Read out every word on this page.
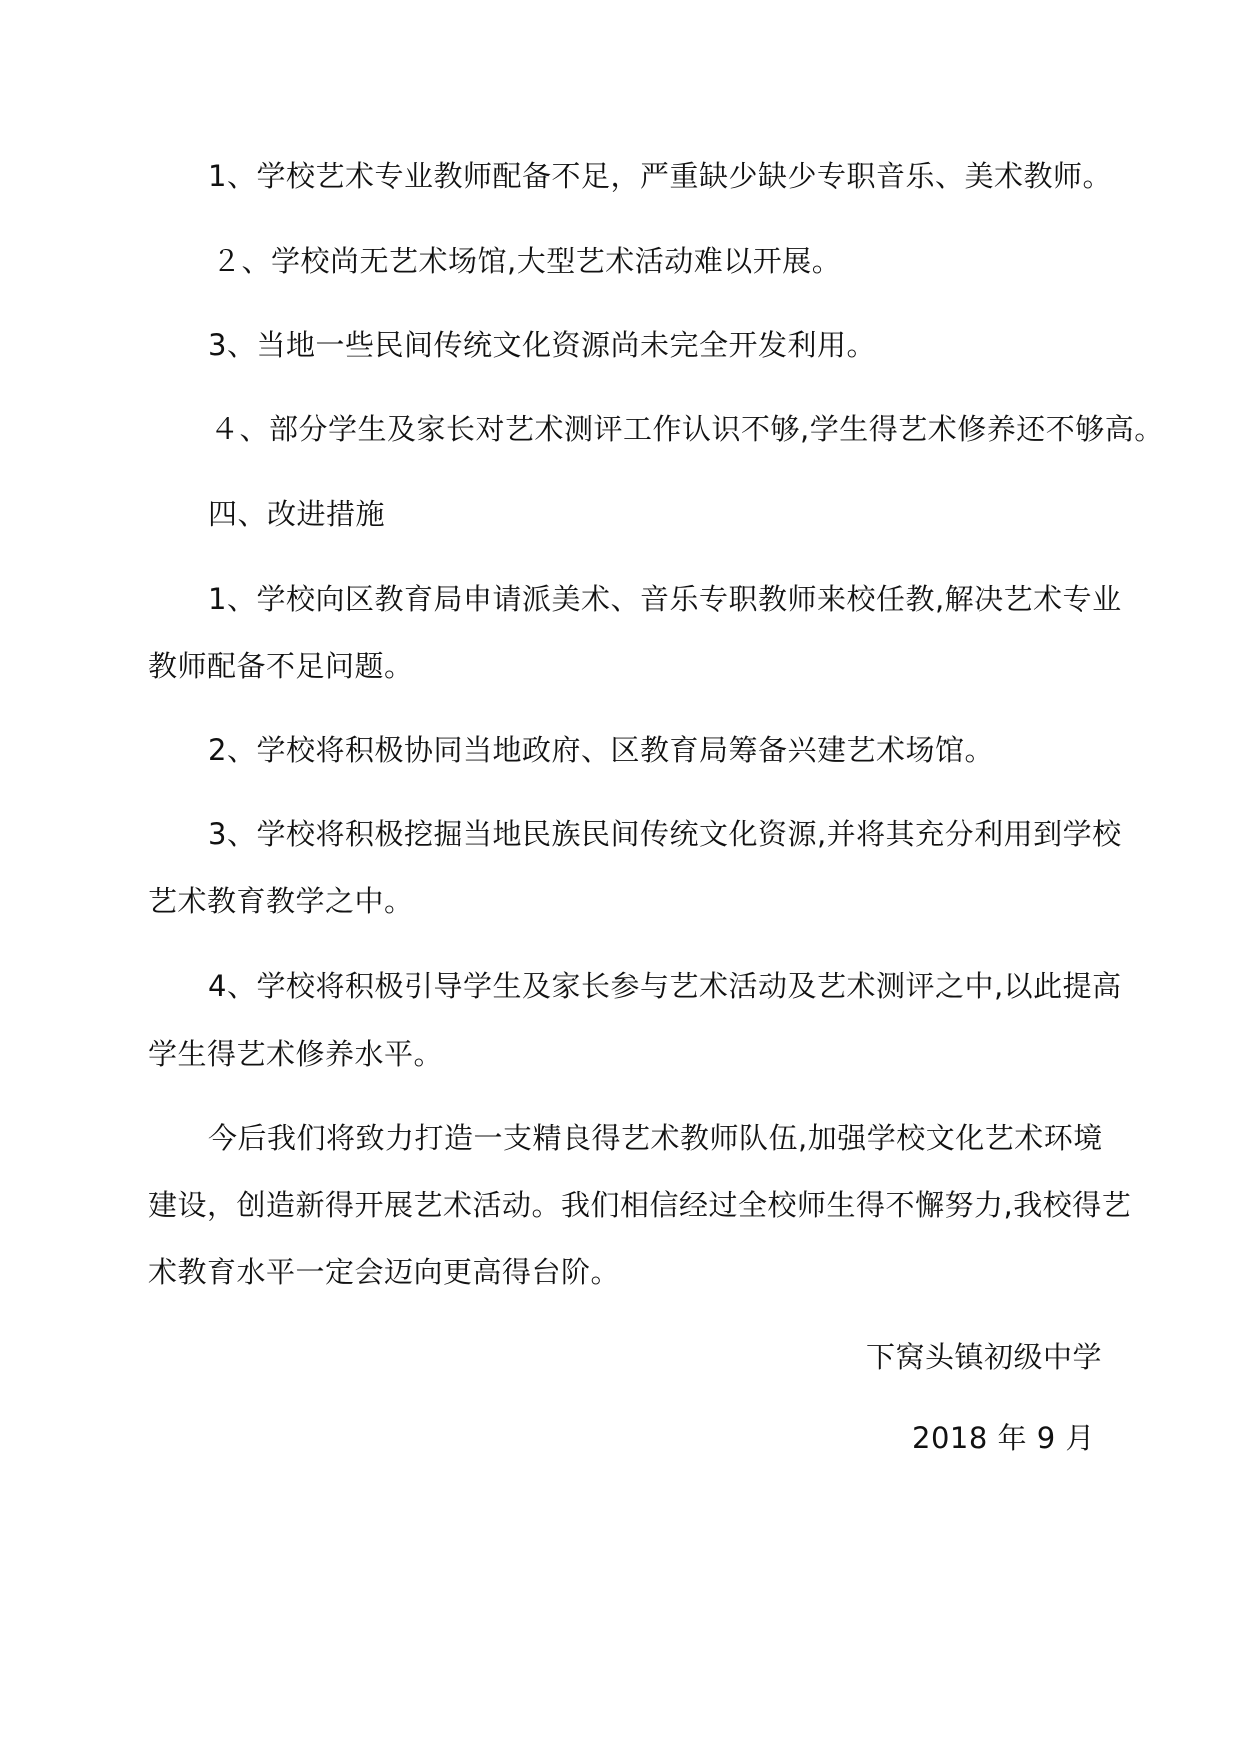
1、学校艺术专业教师配备不足，严重缺少缺少专职音乐、美术教师。
２、学校尚无艺术场馆,大型艺术活动难以开展。
3、当地一些民间传统文化资源尚未完全开发利用。
４、部分学生及家长对艺术测评工作认识不够,学生得艺术修养还不够高。
四、改进措施
1、学校向区教育局申请派美术、音乐专职教师来校任教,解决艺术专业
教师配备不足问题。
2、学校将积极协同当地政府、区教育局筹备兴建艺术场馆。
3、学校将积极挖掘当地民族民间传统文化资源,并将其充分利用到学校
艺术教育教学之中。
4、学校将积极引导学生及家长参与艺术活动及艺术测评之中,以此提高
学生得艺术修养水平。
今后我们将致力打造一支精良得艺术教师队伍,加强学校文化艺术环境
建设，创造新得开展艺术活动。我们相信经过全校师生得不懈努力,我校得艺
术教育水平一定会迈向更高得台阶。
下窝头镇初级中学
2018 年 9 月
